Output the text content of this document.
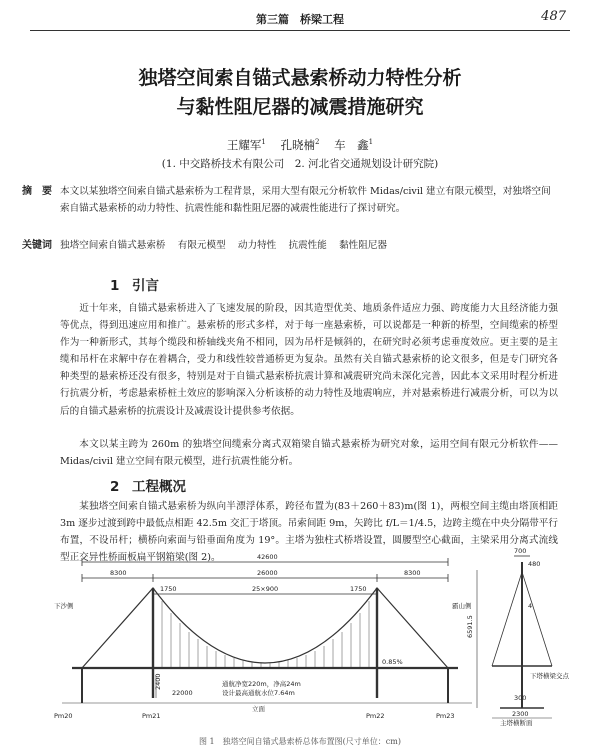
第三篇　桥梁工程	487
独塔空间索自锚式悬索桥动力特性分析
与黏性阻尼器的减震措施研究
王耀军$^1$ 孔晓楠$^2$ 车　鑫$^1$
(1. 中交路桥技术有限公司　2. 河北省交通规划设计研究院)
摘　要 本文以某独塔空间索自锚式悬索桥为工程背景，采用大型有限元分析软件 Midas/civil 建立有限元模型，对独塔空间索自锚式悬索桥的动力特性、抗震性能和黏性阻尼器的减震性能进行了探讨研究。
关键词 独塔空间索自锚式悬索桥 有限元模型 动力特性 抗震性能 黏性阻尼器
1 引言

近十年来，自锚式悬索桥进入了飞速发展的阶段，因其造型优美、地质条件适应力强、跨度能力大且经济能力强等优点，得到迅速应用和推广。悬索桥的形式多样，对于每一座悬索桥，可以说都是一种新的桥型，空间缆索的桥型作为一种新形式，其每个缆段和桥轴线夹角不相同，因为吊杆是倾斜的，在研究时必须考虑垂度效应。更主要的是主缆和吊杆在求解中存在着耦合，受力和线性较普通桥更为复杂。虽然有关自锚式悬索桥的论文很多，但是专门研究各种类型的悬索桥还没有很多，特别是对于自锚式悬索桥抗震计算和减震研究尚未深化完善，因此本文采用时程分析进行抗震分析，考虑悬索桥桩土效应的影响深入分析该桥的动力特性及地震响应，并对悬索桥进行减震分析，可以为以后的自锚式悬索桥的抗震设计及减震设计提供参考依据。

本文以某主跨为 260m 的独塔空间缆索分离式双箱梁自锚式悬索桥为研究对象，运用空间有限元分析软件——Midas/civil 建立空间有限元模型，进行抗震性能分析。

2 工程概况

某独塔空间索自锚式悬索桥为纵向半漂浮体系，跨径布置为(83＋260＋83)m(图 1)，两根空间主缆由塔顶相距 3m 逐步过渡到跨中最低点相距 42.5m 交汇于塔顶。吊索间距 9m，矢跨比 f/L＝1/4.5，边跨主缆在中央分隔带平行布置，不设吊杆；横桥向索面与铅垂面角度为 19°。主塔为独柱式桥塔设置，圆腰型空心截面，主梁采用分离式流线型正交异性桥面板扁平钢箱梁(图 2)。	42600
8300	26000	8300
25×900
1750	1750
下沙侧	霸山侧
0.85%
通航净宽220m，净高24m
设计最高通航水位7.64m
22000
立面
2400
Pm20	Pm21	Pm22	Pm23
700
480
4
6591.5
下塔横梁交点
300
2300
主塔横断面
图 1　独塔空间自锚式悬索桥总体布置图(尺寸单位：cm)
